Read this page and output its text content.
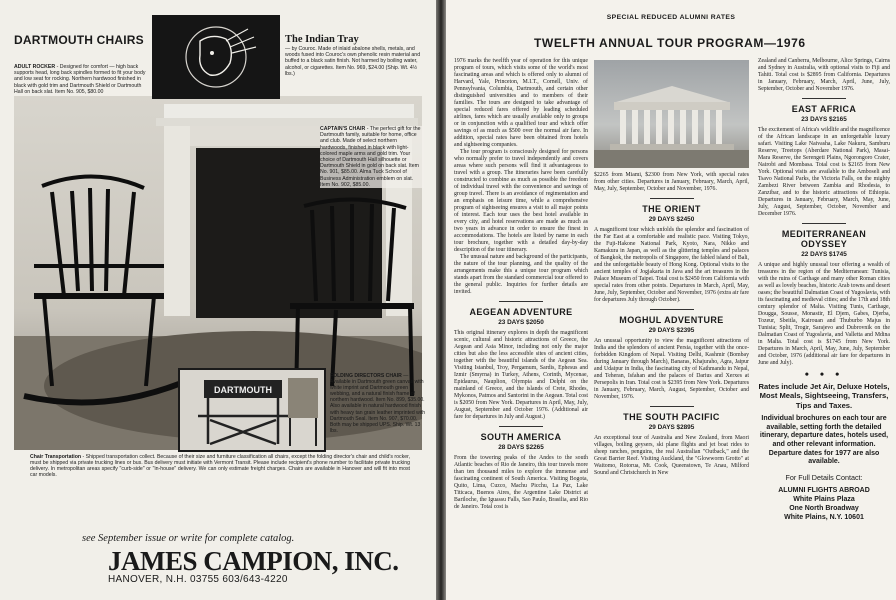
DARTMOUTH CHAIRS
ADULT ROCKER - Designed for comfort — high back supports head, long back spindles formed to fit your body and low seat for rocking. Northern hardwood finished in black with gold trim and Dartmouth Shield or Dartmouth Hall on back slat. Item No. 905, $80.00
The Indian Tray
— by Couroc. Made of inlaid abalone shells, metals, and woods fused into Couroc's own phenolic resin material and buffed to a black satin finish. Not harmed by boiling water, alcohol, or cigarettes. Item No. 969, $24.00 (Ship. Wt. 4½ lbs.)
CAPTAIN'S CHAIR - The perfect gift for the Dartmouth family, suitable for home, office and club. Made of select northern hardwoods, finished in black with light-colored maple arms and gold trim. Your choice of Dartmouth Hall silhouette or Dartmouth Shield in gold on back slat. Item No. 901, $85.00. Alma Tuck School of Business Administration emblem on slat. Item No. 902, $85.00.
DARTMOUTH
FOLDING DIRECTORS CHAIR — Available in Dartmouth green canvas with white imprint and Dartmouth green webbing, and a natural finish frame of northern hardwood. Item No. 899, $35.00. Also available in natural hardwood finish with heavy tan grain leather imprinted with Dartmouth Seal. Item No. 907, $70.00. Both may be shipped UPS. Ship. Wt. 13 lbs.
Chair Transportation - Shipped transportation collect. Because of their size and furniture classification all chairs, except the folding director's chair and child's rocker, must be shipped via private trucking lines or bus. Bus delivery must initiate with Vermont Transit. Please include recipient's phone number to facilitate private trucking delivery. In metropolitan areas specify "curb-side" or "in-house" delivery. We can only estimate freight charges. Chairs are available in Hanover and will fit into most car models.
see September issue or write for complete catalog.
JAMES CAMPION, INC.
HANOVER, N.H. 03755 603/643-4220
SPECIAL REDUCED ALUMNI RATES
TWELFTH ANNUAL TOUR PROGRAM—1976

1976 marks the twelfth year of operation for this unique program of tours, which visits some of the world's most fascinating areas and which is offered only to alumni of Harvard, Yale, Princeton, M.I.T., Cornell, Univ. of Pennsylvania, Columbia, Dartmouth, and certain other distinguished universities and to members of their families. The tours are designed to take advantage of special reduced fares offered by leading scheduled airlines, fares which are usually available only to groups or in conjunction with a qualified tour and which offer savings of as much as $500 over the normal air fare. In addition, special rates have been obtained from hotels and sightseeing companies.

The tour program is consciously designed for persons who normally prefer to travel independently and covers areas where such persons will find it advantageous to travel with a group. The itineraries have been carefully constructed to combine as much as possible the freedom of individual travel with the convenience and savings of group travel. There is an avoidance of regimentation and an emphasis on leisure time, while a comprehensive program of sightseeing ensures a visit to all major points of interest. Each tour uses the best hotel available in every city, and hotel reservations are made as much as two years in advance in order to ensure the finest in accommodations. The hotels are listed by name in each tour brochure, together with a detailed day-by-day description of the tour itinerary.

The unusual nature and background of the participants, the nature of the tour planning, and the quality of the arrangements make this a unique tour program which stands apart from the standard commercial tour offered to the general public. Inquiries for further details are invited.

AEGEAN ADVENTURE
23 DAYS $2050

This original itinerary explores in depth the magnificent scenic, cultural and historic attractions of Greece, the Aegean and Asia Minor, including not only the major cities but also the less accessible sites of ancient cities, together with the beautiful islands of the Aegean Sea. Visiting Istanbul, Troy, Pergamum, Sardis, Ephesus and Izmir (Smyrna) in Turkey, Athens, Corinth, Mycenae, Epidaurus, Nauplion, Olympia and Delphi on the mainland of Greece, and the islands of Crete, Rhodes, Mykonos, Patmos and Santorini in the Aegean. Total cost is $2050 from New York. Departures in April, May, July, August, September and October 1976. (Additional air fare for departures in July and August.)

SOUTH AMERICA
28 DAYS $2265

From the towering peaks of the Andes to the south Atlantic beaches of Rio de Janeiro, this tour travels more than ten thousand miles to explore the immense and fascinating continent of South America. Visiting Bogota, Quito, Lima, Cuzco, Machu Picchu, La Paz, Lake Titicaca, Buenos Aires, the Argentine Lake District at Bariloche, the Iguassu Falls, Sao Paulo, Brasilia, and Rio de Janeiro. Total cost is

$2265 from Miami, $2300 from New York, with special rates from other cities. Departures in January, February, March, April, May, July, September, October and November, 1976.

THE ORIENT
29 DAYS $2450

A magnificent tour which unfolds the splendor and fascination of the Far East at a comfortable and realistic pace. Visiting Tokyo, the Fuji-Hakone National Park, Kyoto, Nara, Nikko and Kamakura in Japan, as well as the glittering temples and palaces of Bangkok, the metropolis of Singapore, the fabled island of Bali, and the unforgettable beauty of Hong Kong. Optional visits to the ancient temples of Jogjakarta in Java and the art treasures in the Palace Museum of Taipei. Total cost is $2450 from California with special rates from other points. Departures in March, April, May, June, July, September, October and November, 1976 (extra air fare for departures July through October).

MOGHUL ADVENTURE
29 DAYS $2395

An unusual opportunity to view the magnificent attractions of India and the splendors of ancient Persia, together with the once-forbidden Kingdom of Nepal. Visiting Delhi, Kashmir (Bombay during January through March), Banaras, Khajuraho, Agra, Jaipur and Udaipur in India, the fascinating city of Kathmandu in Nepal, and Teheran, Isfahan and the palaces of Darius and Xerxes at Persepolis in Iran. Total cost is $2395 from New York. Departures in January, February, March, August, September, October and November, 1976.

THE SOUTH PACIFIC
29 DAYS $2895

An exceptional tour of Australia and New Zealand, from Maori villages, boiling geysers, ski plane flights and jet boat rides to sheep ranches, penguins, the real Australian "Outback," and the Great Barrier Reef. Visiting Auckland, the "Glowworm Grotto" at Waitomo, Rotorua, Mt. Cook, Queenstown, Te Anau, Milford Sound and Christchurch in New

Zealand and Canberra, Melbourne, Alice Springs, Cairns and Sydney in Australia, with optional visits to Fiji and Tahiti. Total cost is $2895 from California. Departures in January, February, March, April, June, July, September, October and November 1976.

EAST AFRICA
23 DAYS $2165

The excitement of Africa's wildlife and the magnificence of the African landscape in an unforgettable luxury safari. Visiting Lake Naivasha, Lake Nakuru, Samburu Reserve, Treetops (Aberdare National Park), Masai-Mara Reserve, the Serengeti Plains, Ngorongoro Crater, Nairobi and Mombasa. Total cost is $2165 from New York. Optional visits are available to the Amboseli and Tsavo National Parks, the Victoria Falls, on the mighty Zambezi River between Zambia and Rhodesia, to Zanzibar, and to the historic attractions of Ethiopia. Departures in January, February, March, May, June, July, August, September, October, November and December 1976.

MEDITERRANEAN ODYSSEY
22 DAYS $1745

A unique and highly unusual tour offering a wealth of treasures in the region of the Mediterranean: Tunisia, with the ruins of Carthage and many other Roman cities as well as lovely beaches, historic Arab towns and desert oases; the beautiful Dalmatian Coast of Yugoslavia, with its fascinating and medieval cities; and the 17th and 18th century splendor of Malta. Visiting Tunis, Carthage, Dougga, Sousse, Monastir, El Djem, Gabes, Djerba, Tozeur, Sbeitla, Kairouan and Thuburbo Majus in Tunisia; Split, Trogir, Sarajevo and Dubrovnik on the Dalmatian Coast of Yugoslavia, and Valletta and Mdina in Malta. Total cost is $1745 from New York. Departures in March, April, May, June, July, September and October, 1976 (additional air fare for departures in June and July).

• • •

Rates include Jet Air, Deluxe Hotels, Most Meals, Sightseeing, Transfers, Tips and Taxes.

Individual brochures on each tour are available, setting forth the detailed itinerary, departure dates, hotels used, and other relevant information. Departure dates for 1977 are also available.

For Full Details Contact:

ALUMNI FLIGHTS ABROAD
White Plains Plaza
One North Broadway
White Plains, N.Y. 10601
